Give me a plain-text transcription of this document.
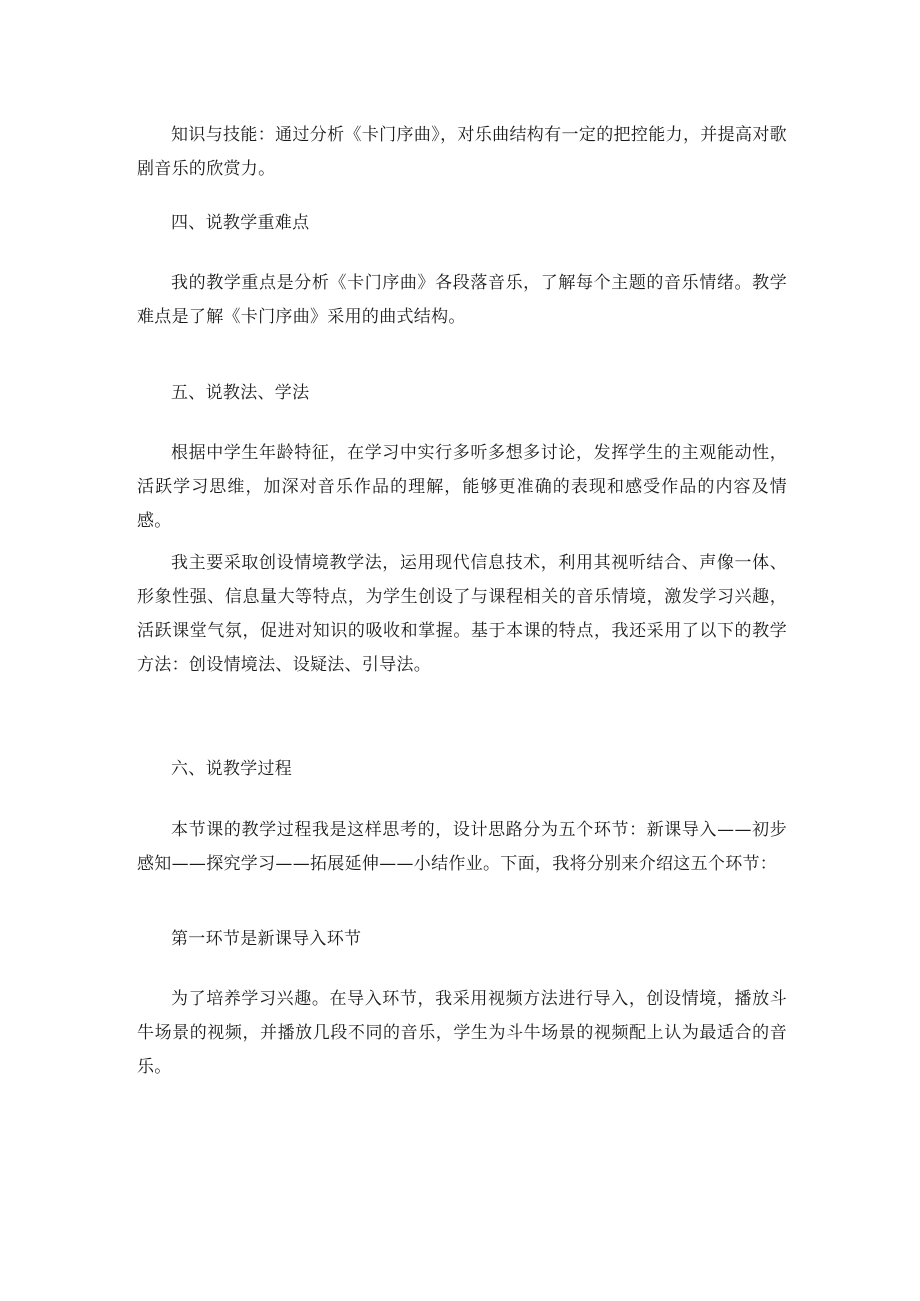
知识与技能：通过分析《卡门序曲》，对乐曲结构有一定的把控能力，并提高对歌剧音乐的欣赏力。

四、说教学重难点

我的教学重点是分析《卡门序曲》各段落音乐，了解每个主题的音乐情绪。教学难点是了解《卡门序曲》采用的曲式结构。

五、说教法、学法

根据中学生年龄特征，在学习中实行多听多想多讨论，发挥学生的主观能动性，活跃学习思维，加深对音乐作品的理解，能够更准确的表现和感受作品的内容及情感。

我主要采取创设情境教学法，运用现代信息技术，利用其视听结合、声像一体、形象性强、信息量大等特点，为学生创设了与课程相关的音乐情境，激发学习兴趣，活跃课堂气氛，促进对知识的吸收和掌握。基于本课的特点，我还采用了以下的教学方法：创设情境法、设疑法、引导法。

六、说教学过程

本节课的教学过程我是这样思考的，设计思路分为五个环节：新课导入——初步感知——探究学习——拓展延伸——小结作业。下面，我将分别来介绍这五个环节：

第一环节是新课导入环节

为了培养学习兴趣。在导入环节，我采用视频方法进行导入，创设情境，播放斗牛场景的视频，并播放几段不同的音乐，学生为斗牛场景的视频配上认为最适合的音乐。
